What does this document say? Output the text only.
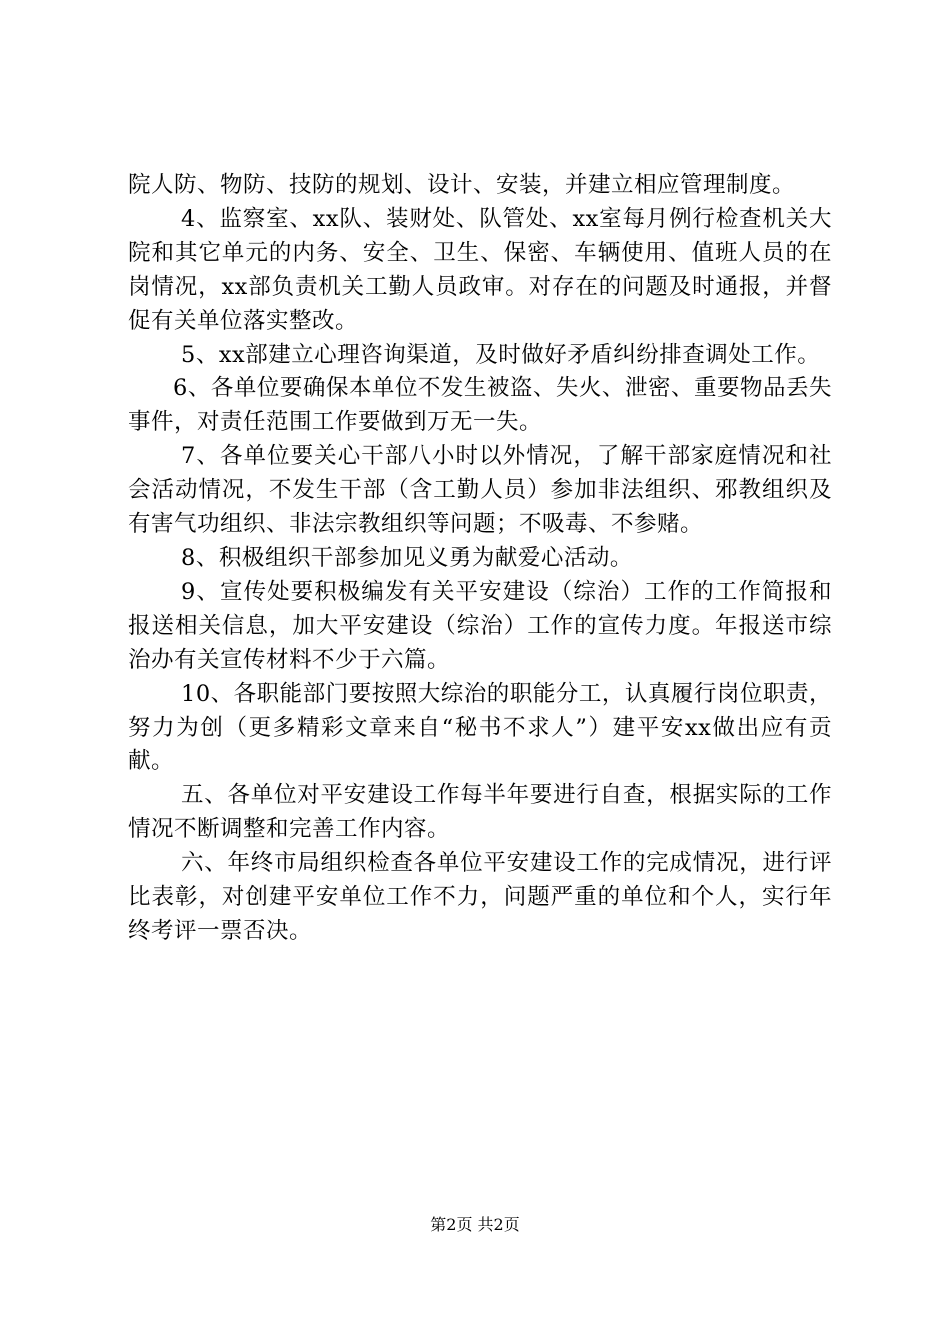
院人防、物防、技防的规划、设计、安装，并建立相应管理制度。

4、监察室、xx队、装财处、队管处、xx室每月例行检查机关大院和其它单元的内务、安全、卫生、保密、车辆使用、值班人员的在岗情况，xx部负责机关工勤人员政审。对存在的问题及时通报，并督促有关单位落实整改。

5、xx部建立心理咨询渠道，及时做好矛盾纠纷排查调处工作。

6、各单位要确保本单位不发生被盗、失火、泄密、重要物品丢失事件，对责任范围工作要做到万无一失。

7、各单位要关心干部八小时以外情况，了解干部家庭情况和社会活动情况，不发生干部（含工勤人员）参加非法组织、邪教组织及有害气功组织、非法宗教组织等问题；不吸毒、不参赌。

8、积极组织干部参加见义勇为献爱心活动。

9、宣传处要积极编发有关平安建设（综治）工作的工作简报和报送相关信息，加大平安建设（综治）工作的宣传力度。年报送市综治办有关宣传材料不少于六篇。

10、各职能部门要按照大综治的职能分工，认真履行岗位职责，努力为创（更多精彩文章来自“秘书不求人”）建平安xx做出应有贡献。

五、各单位对平安建设工作每半年要进行自查，根据实际的工作情况不断调整和完善工作内容。

六、年终市局组织检查各单位平安建设工作的完成情况，进行评比表彰，对创建平安单位工作不力，问题严重的单位和个人，实行年终考评一票否决。

第2页 共2页
